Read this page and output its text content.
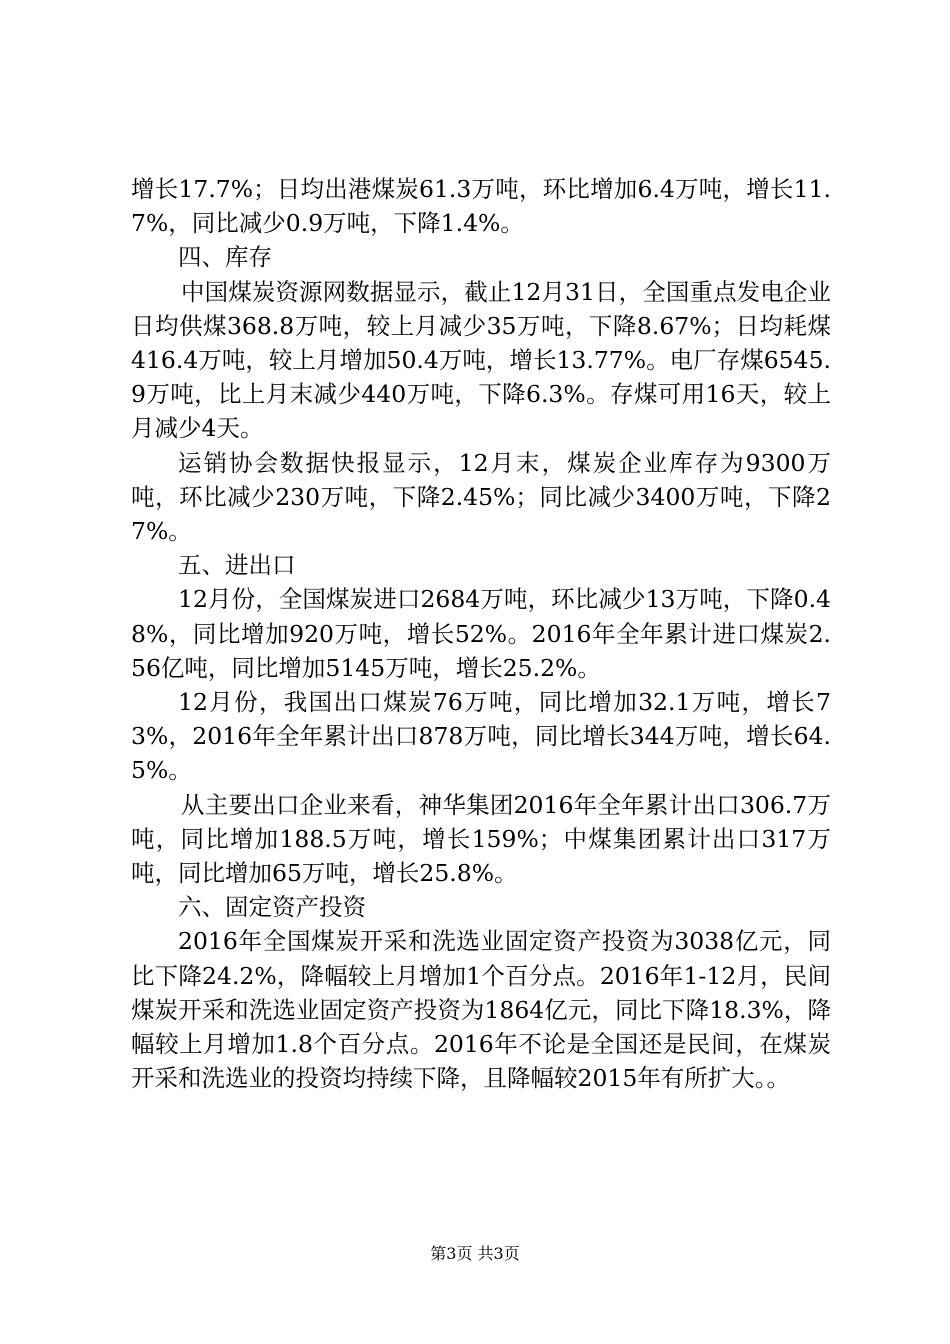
增长17.7%；日均出港煤炭61.3万吨，环比增加6.4万吨，增长11.7%，同比减少0.9万吨，下降1.4%。

四、库存

中国煤炭资源网数据显示，截止12月31日，全国重点发电企业日均供煤368.8万吨，较上月减少35万吨，下降8.67%；日均耗煤416.4万吨，较上月增加50.4万吨，增长13.77%。电厂存煤6545.9万吨，比上月末减少440万吨，下降6.3%。存煤可用16天，较上月减少4天。

运销协会数据快报显示，12月末，煤炭企业库存为9300万吨，环比减少230万吨，下降2.45%；同比减少3400万吨，下降27%。

五、进出口

12月份，全国煤炭进口2684万吨，环比减少13万吨，下降0.48%，同比增加920万吨，增长52%。2016年全年累计进口煤炭2.56亿吨，同比增加5145万吨，增长25.2%。

12月份，我国出口煤炭76万吨，同比增加32.1万吨，增长73%，2016年全年累计出口878万吨，同比增长344万吨，增长64.5%。

从主要出口企业来看，神华集团2016年全年累计出口306.7万吨，同比增加188.5万吨，增长159%；中煤集团累计出口317万吨，同比增加65万吨，增长25.8%。

六、固定资产投资

2016年全国煤炭开采和洗选业固定资产投资为3038亿元，同比下降24.2%，降幅较上月增加1个百分点。2016年1-12月，民间煤炭开采和洗选业固定资产投资为1864亿元，同比下降18.3%，降幅较上月增加1.8个百分点。2016年不论是全国还是民间，在煤炭开采和洗选业的投资均持续下降，且降幅较2015年有所扩大。。

第3页 共3页
